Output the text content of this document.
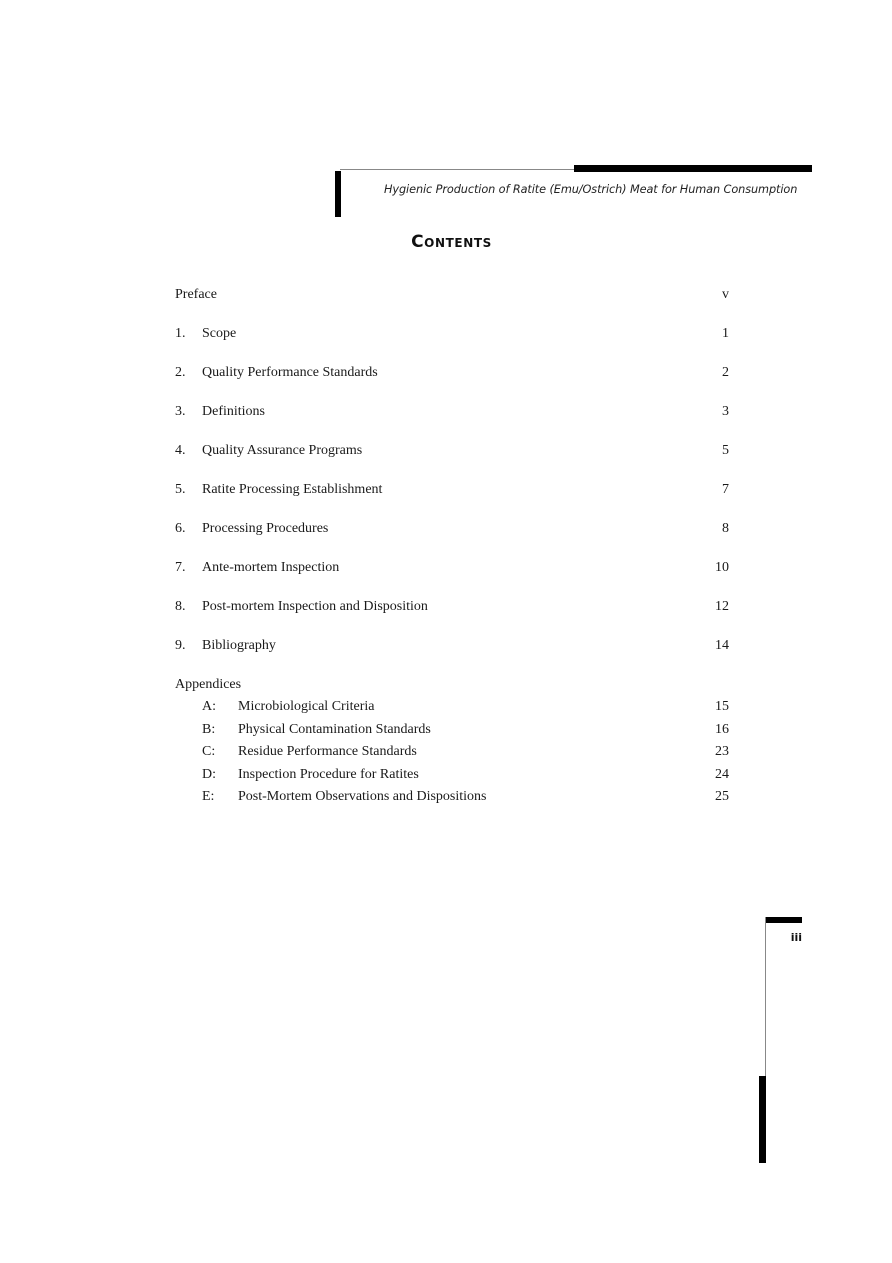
Hygienic Production of Ratite (Emu/Ostrich) Meat for Human Consumption
Contents
Preface	v
1. Scope	1
2. Quality Performance Standards	2
3. Definitions	3
4. Quality Assurance Programs	5
5. Ratite Processing Establishment	7
6. Processing Procedures	8
7. Ante-mortem Inspection	10
8. Post-mortem Inspection and Disposition	12
9. Bibliography	14
Appendices
A: Microbiological Criteria	15
B: Physical Contamination Standards	16
C: Residue Performance Standards	23
D: Inspection Procedure for Ratites	24
E: Post-Mortem Observations and Dispositions	25
iii
